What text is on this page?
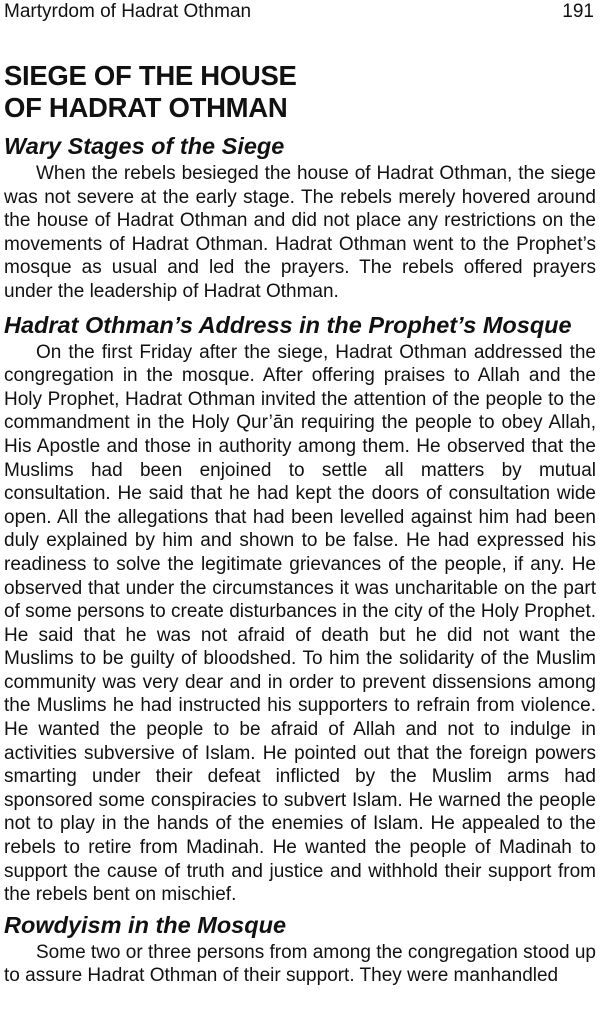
Martyrdom of Hadrat Othman	191
SIEGE OF THE HOUSE
OF HADRAT OTHMAN
Wary Stages of the Siege

When the rebels besieged the house of Hadrat Othman, the siege was not severe at the early stage. The rebels merely hovered around the house of Hadrat Othman and did not place any restrictions on the movements of Hadrat Othman. Hadrat Othman went to the Prophet’s mosque as usual and led the prayers. The rebels offered prayers under the leadership of Hadrat Othman.

Hadrat Othman’s Address in the Prophet’s Mosque

On the first Friday after the siege, Hadrat Othman addressed the congregation in the mosque. After offering praises to Allah and the Holy Prophet, Hadrat Othman invited the attention of the people to the commandment in the Holy Qur’ān requiring the people to obey Allah, His Apostle and those in authority among them. He observed that the Muslims had been enjoined to settle all matters by mutual consultation. He said that he had kept the doors of consultation wide open. All the allegations that had been levelled against him had been duly explained by him and shown to be false. He had expressed his readiness to solve the legitimate grievances of the people, if any. He observed that under the circumstances it was uncharitable on the part of some persons to create disturbances in the city of the Holy Prophet. He said that he was not afraid of death but he did not want the Muslims to be guilty of bloodshed. To him the solidarity of the Muslim community was very dear and in order to prevent dissensions among the Muslims he had instructed his supporters to refrain from violence. He wanted the people to be afraid of Allah and not to indulge in activities subversive of Islam. He pointed out that the foreign powers smarting under their defeat inflicted by the Muslim arms had sponsored some conspiracies to subvert Islam. He warned the people not to play in the hands of the enemies of Islam. He appealed to the rebels to retire from Madinah. He wanted the people of Madinah to support the cause of truth and justice and withhold their support from the rebels bent on mischief.

Rowdyism in the Mosque

Some two or three persons from among the congregation stood up to assure Hadrat Othman of their support. They were manhandled
